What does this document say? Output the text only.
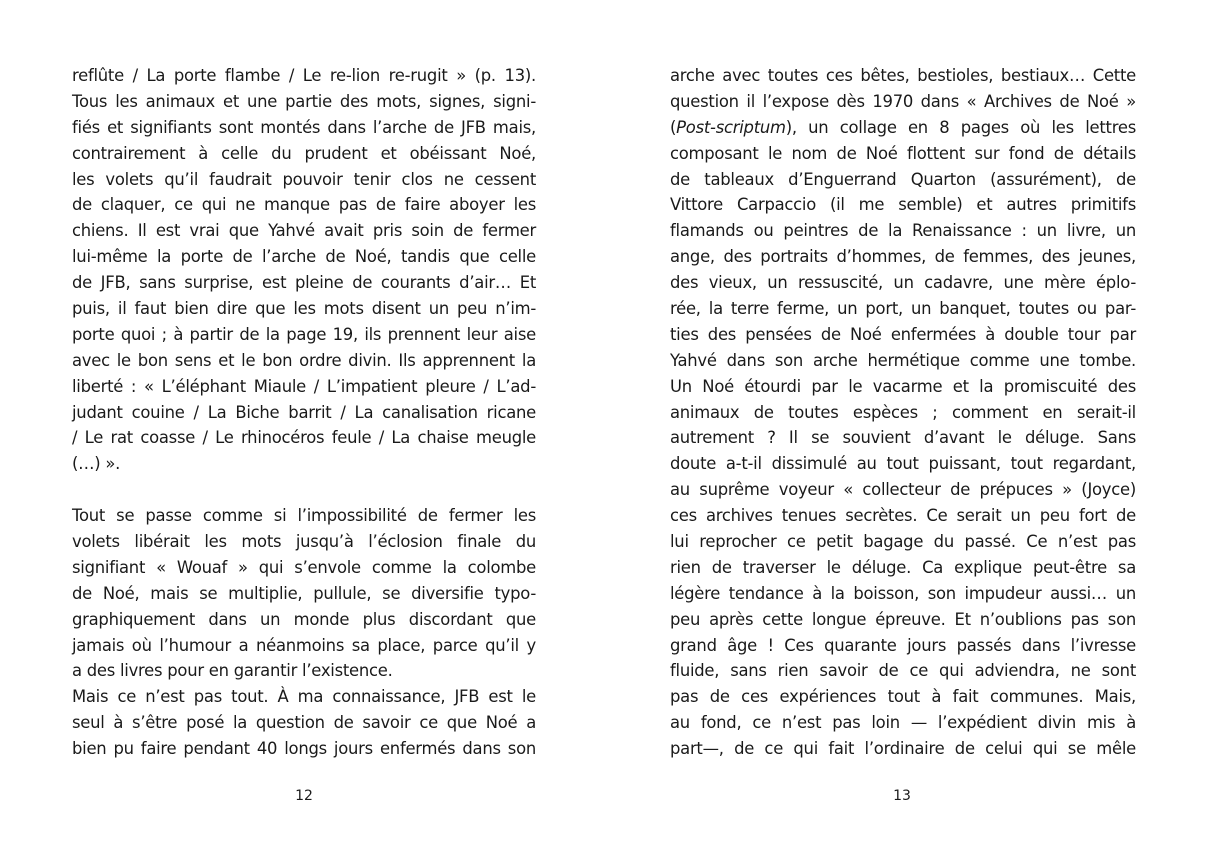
reflûte / La porte flambe / Le re-lion re-rugit » (p. 13).
Tous les animaux et une partie des mots, signes, signi-
fiés et signifiants sont montés dans l’arche de JFB mais,
contrairement à celle du prudent et obéissant Noé,
les volets qu’il faudrait pouvoir tenir clos ne cessent
de claquer, ce qui ne manque pas de faire aboyer les
chiens. Il est vrai que Yahvé avait pris soin de fermer
lui-même la porte de l’arche de Noé, tandis que celle
de JFB, sans surprise, est pleine de courants d’air… Et
puis, il faut bien dire que les mots disent un peu n’im-
porte quoi ; à partir de la page 19, ils prennent leur aise
avec le bon sens et le bon ordre divin. Ils apprennent la
liberté : « L’éléphant Miaule / L’impatient pleure / L’ad-
judant couine / La Biche barrit / La canalisation ricane
/ Le rat coasse / Le rhinocéros feule / La chaise meugle
(…) ».
Tout se passe comme si l’impossibilité de fermer les
volets libérait les mots jusqu’à l’éclosion finale du
signifiant « Wouaf » qui s’envole comme la colombe
de Noé, mais se multiplie, pullule, se diversifie typo-
graphiquement dans un monde plus discordant que
jamais où l’humour a néanmoins sa place, parce qu’il y
a des livres pour en garantir l’existence.
Mais ce n’est pas tout. À ma connaissance, JFB est le
seul à s’être posé la question de savoir ce que Noé a
bien pu faire pendant 40 longs jours enfermés dans son
arche avec toutes ces bêtes, bestioles, bestiaux… Cette
question il l’expose dès 1970 dans « Archives de Noé »
(Post-scriptum), un collage en 8 pages où les lettres
composant le nom de Noé flottent sur fond de détails
de tableaux d’Enguerrand Quarton (assurément), de
Vittore Carpaccio (il me semble) et autres primitifs
flamands ou peintres de la Renaissance : un livre, un
ange, des portraits d’hommes, de femmes, des jeunes,
des vieux, un ressuscité, un cadavre, une mère éplo-
rée, la terre ferme, un port, un banquet, toutes ou par-
ties des pensées de Noé enfermées à double tour par
Yahvé dans son arche hermétique comme une tombe.
Un Noé étourdi par le vacarme et la promiscuité des
animaux de toutes espèces ; comment en serait-il
autrement ? Il se souvient d’avant le déluge. Sans
doute a-t-il dissimulé au tout puissant, tout regardant,
au suprême voyeur « collecteur de prépuces » (Joyce)
ces archives tenues secrètes. Ce serait un peu fort de
lui reprocher ce petit bagage du passé. Ce n’est pas
rien de traverser le déluge. Ca explique peut-être sa
légère tendance à la boisson, son impudeur aussi… un
peu après cette longue épreuve. Et n’oublions pas son
grand âge ! Ces quarante jours passés dans l’ivresse
fluide, sans rien savoir de ce qui adviendra, ne sont
pas de ces expériences tout à fait communes. Mais,
au fond, ce n’est pas loin — l’expédient divin mis à
part—, de ce qui fait l’ordinaire de celui qui se mêle
12	13
